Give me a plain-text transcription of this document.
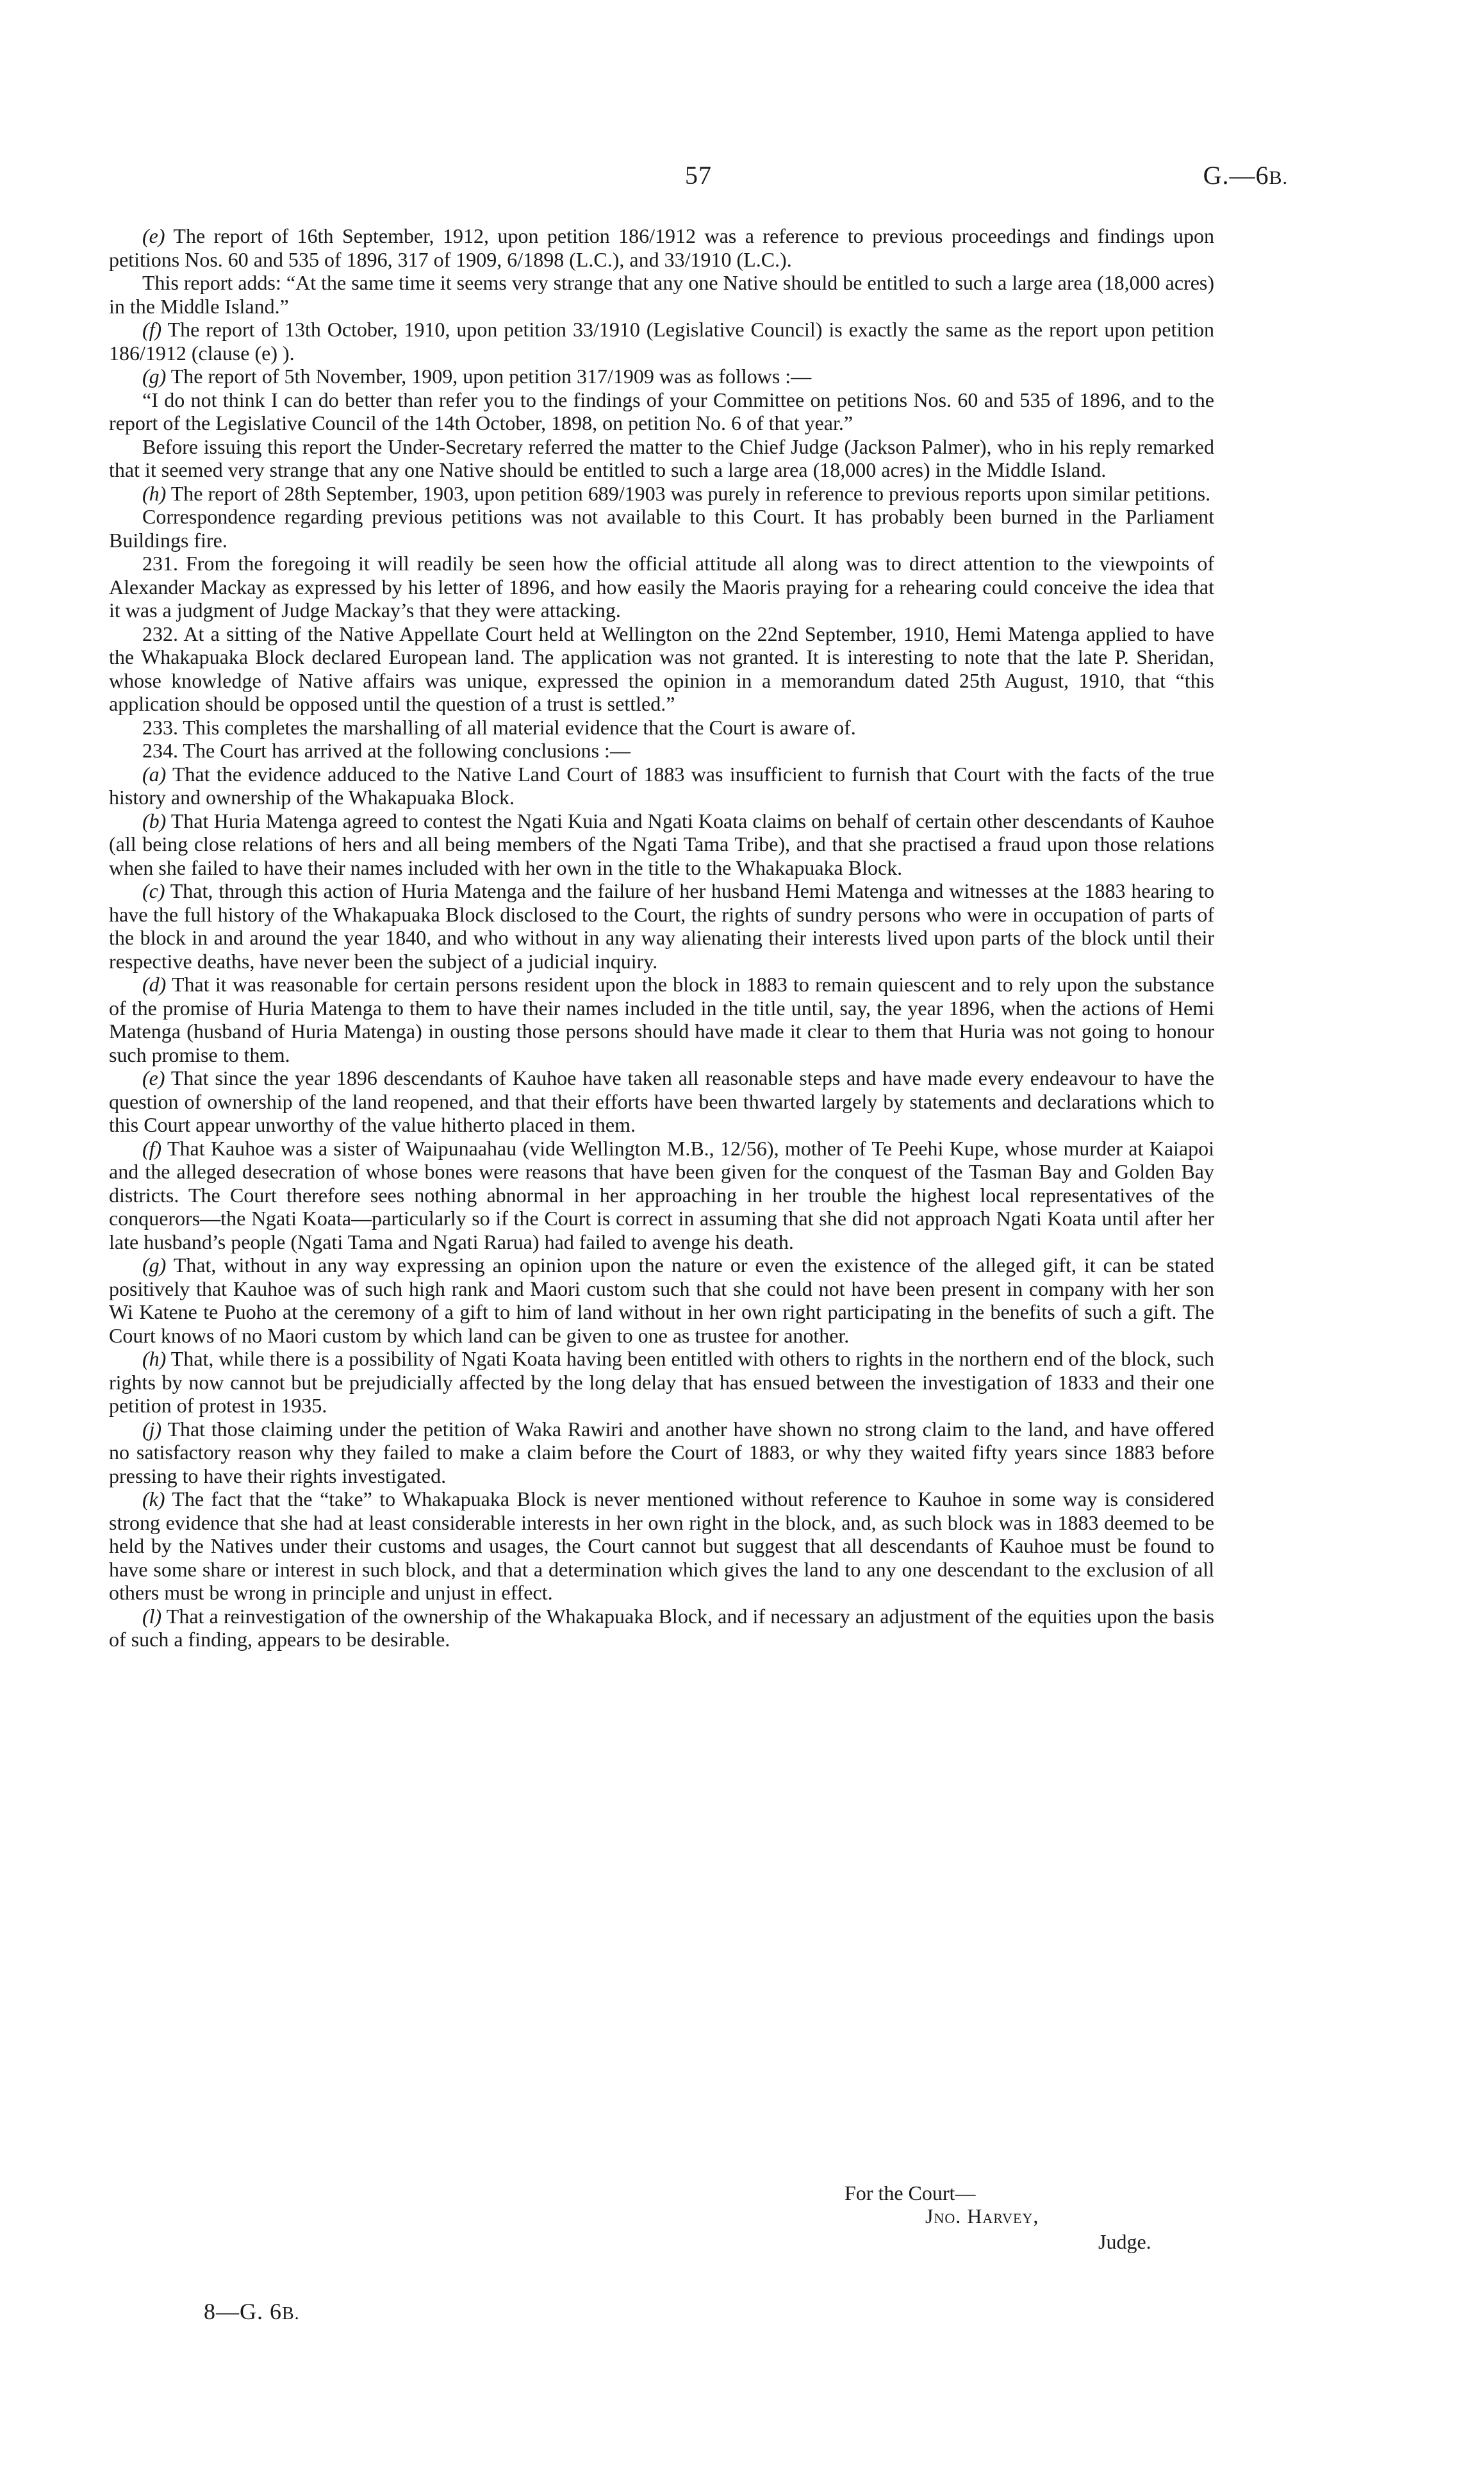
57	G.—6B.

(e) The report of 16th September, 1912, upon petition 186/1912 was a reference to previous proceedings and findings upon petitions Nos. 60 and 535 of 1896, 317 of 1909, 6/1898 (L.C.), and 33/1910 (L.C.).

This report adds: “At the same time it seems very strange that any one Native should be entitled to such a large area (18,000 acres) in the Middle Island.”

(f) The report of 13th October, 1910, upon petition 33/1910 (Legislative Council) is exactly the same as the report upon petition 186/1912 (clause (e) ).

(g) The report of 5th November, 1909, upon petition 317/1909 was as follows :—

“I do not think I can do better than refer you to the findings of your Committee on petitions Nos. 60 and 535 of 1896, and to the report of the Legislative Council of the 14th October, 1898, on petition No. 6 of that year.”

Before issuing this report the Under-Secretary referred the matter to the Chief Judge (Jackson Palmer), who in his reply remarked that it seemed very strange that any one Native should be entitled to such a large area (18,000 acres) in the Middle Island.

(h) The report of 28th September, 1903, upon petition 689/1903 was purely in reference to previous reports upon similar petitions.

Correspondence regarding previous petitions was not available to this Court. It has probably been burned in the Parliament Buildings fire.

231. From the foregoing it will readily be seen how the official attitude all along was to direct attention to the viewpoints of Alexander Mackay as expressed by his letter of 1896, and how easily the Maoris praying for a rehearing could conceive the idea that it was a judgment of Judge Mackay’s that they were attacking.

232. At a sitting of the Native Appellate Court held at Wellington on the 22nd September, 1910, Hemi Matenga applied to have the Whakapuaka Block declared European land. The application was not granted. It is interesting to note that the late P. Sheridan, whose knowledge of Native affairs was unique, expressed the opinion in a memorandum dated 25th August, 1910, that “this application should be opposed until the question of a trust is settled.”

233. This completes the marshalling of all material evidence that the Court is aware of.

234. The Court has arrived at the following conclusions :—

(a) That the evidence adduced to the Native Land Court of 1883 was insufficient to furnish that Court with the facts of the true history and ownership of the Whakapuaka Block.

(b) That Huria Matenga agreed to contest the Ngati Kuia and Ngati Koata claims on behalf of certain other descendants of Kauhoe (all being close relations of hers and all being members of the Ngati Tama Tribe), and that she practised a fraud upon those relations when she failed to have their names included with her own in the title to the Whakapuaka Block.

(c) That, through this action of Huria Matenga and the failure of her husband Hemi Matenga and witnesses at the 1883 hearing to have the full history of the Whakapuaka Block disclosed to the Court, the rights of sundry persons who were in occupation of parts of the block in and around the year 1840, and who without in any way alienating their interests lived upon parts of the block until their respective deaths, have never been the subject of a judicial inquiry.

(d) That it was reasonable for certain persons resident upon the block in 1883 to remain quiescent and to rely upon the substance of the promise of Huria Matenga to them to have their names included in the title until, say, the year 1896, when the actions of Hemi Matenga (husband of Huria Matenga) in ousting those persons should have made it clear to them that Huria was not going to honour such promise to them.

(e) That since the year 1896 descendants of Kauhoe have taken all reasonable steps and have made every endeavour to have the question of ownership of the land reopened, and that their efforts have been thwarted largely by statements and declarations which to this Court appear unworthy of the value hitherto placed in them.

(f) That Kauhoe was a sister of Waipunaahau (vide Wellington M.B., 12/56), mother of Te Peehi Kupe, whose murder at Kaiapoi and the alleged desecration of whose bones were reasons that have been given for the conquest of the Tasman Bay and Golden Bay districts. The Court therefore sees nothing abnormal in her approaching in her trouble the highest local representatives of the conquerors—the Ngati Koata—particularly so if the Court is correct in assuming that she did not approach Ngati Koata until after her late husband’s people (Ngati Tama and Ngati Rarua) had failed to avenge his death.

(g) That, without in any way expressing an opinion upon the nature or even the existence of the alleged gift, it can be stated positively that Kauhoe was of such high rank and Maori custom such that she could not have been present in company with her son Wi Katene te Puoho at the ceremony of a gift to him of land without in her own right participating in the benefits of such a gift. The Court knows of no Maori custom by which land can be given to one as trustee for another.

(h) That, while there is a possibility of Ngati Koata having been entitled with others to rights in the northern end of the block, such rights by now cannot but be prejudicially affected by the long delay that has ensued between the investigation of 1833 and their one petition of protest in 1935.

(j) That those claiming under the petition of Waka Rawiri and another have shown no strong claim to the land, and have offered no satisfactory reason why they failed to make a claim before the Court of 1883, or why they waited fifty years since 1883 before pressing to have their rights investigated.

(k) The fact that the “take” to Whakapuaka Block is never mentioned without reference to Kauhoe in some way is considered strong evidence that she had at least considerable interests in her own right in the block, and, as such block was in 1883 deemed to be held by the Natives under their customs and usages, the Court cannot but suggest that all descendants of Kauhoe must be found to have some share or interest in such block, and that a determination which gives the land to any one descendant to the exclusion of all others must be wrong in principle and unjust in effect.

(l) That a reinvestigation of the ownership of the Whakapuaka Block, and if necessary an adjustment of the equities upon the basis of such a finding, appears to be desirable.

For the Court—
Jno. Harvey,
Judge.
8—G. 6B.
